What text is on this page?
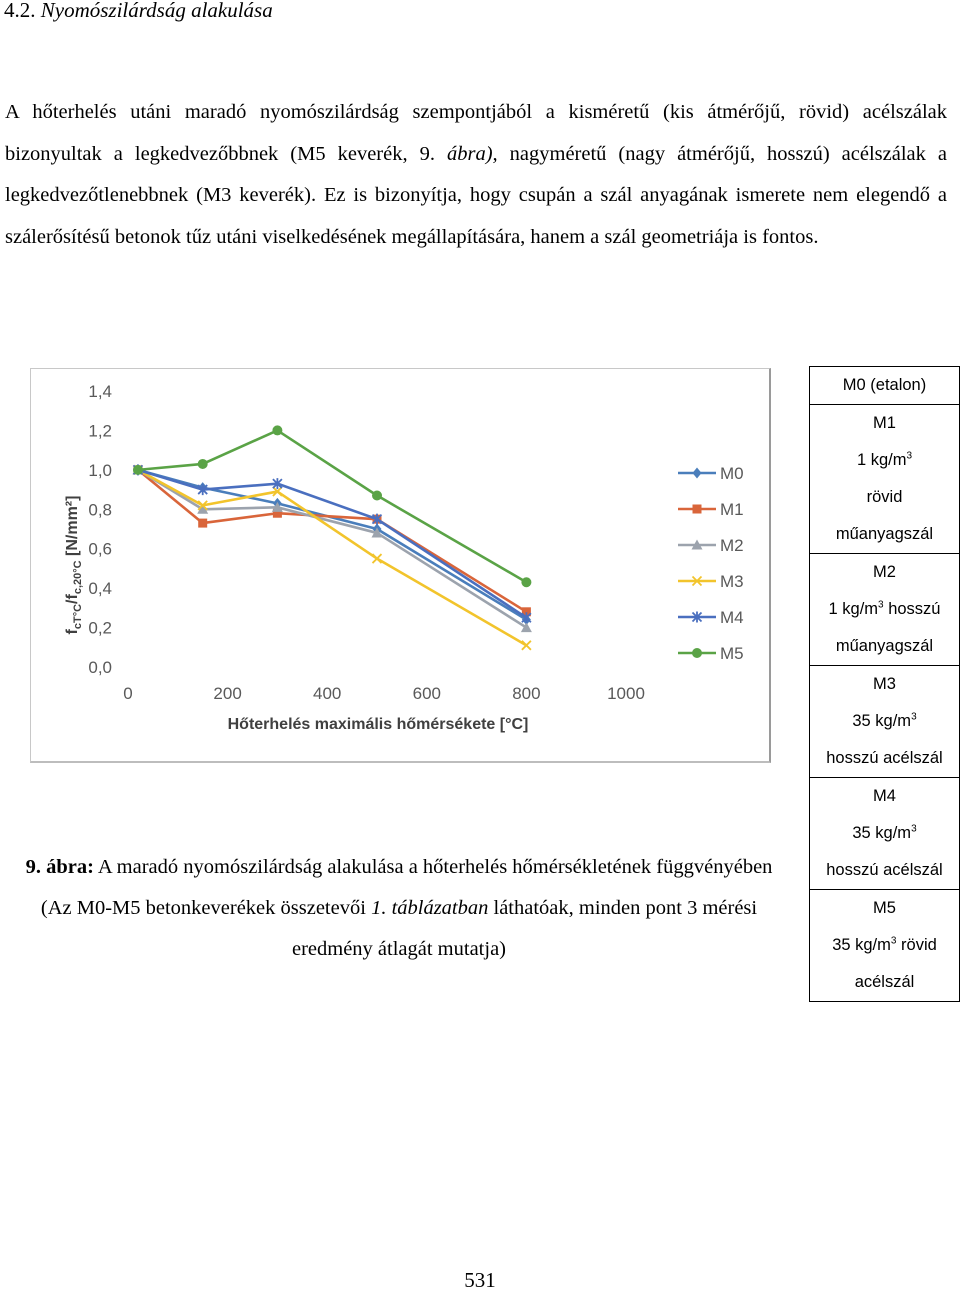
4.2. Nyomószilárdság alakulása

A hőterhelés utáni maradó nyomószilárdság szempontjából a kisméretű (kis átmérőjű, rövid) acélszálak bizonyultak a legkedvezőbbnek (M5 keverék, 9. ábra), nagyméretű (nagy átmérőjű, hosszú) acélszálak a legkedvezőtlenebbnek (M3 keverék). Ez is bizonyítja, hogy csupán a szál anyagának ismerete nem elegendő a szálerősítésű betonok tűz utáni viselkedésének megállapítására, hanem a szál geometriája is fontos.

0,0
0,2
0,4
0,6
0,8
1,0
1,2
1,4
0	200	400	600	800	1000
M0
M1
M2
M3
M4
M5
$f_{cT^\circ C}/f_{c,20^\circ C}$ [N/mm²]
Hőterhelés maximális hőmérsékete [°C]

9. ábra: A maradó nyomószilárdság alakulása a hőterhelés hőmérsékletének függvényében

(Az M0-M5 betonkeverékek összetevői 1. táblázatban láthatóak, minden pont 3 mérési eredmény átlagát mutatja)

M0 (etalon)

M1
1 $kg/m^3$
rövid
műanyagszál

M2
1 $kg/m^3$ hosszú
műanyagszál

M3
35 $kg/m^3$
hosszú acélszál

M4
35 $kg/m^3$
hosszú acélszál

M5
35 $kg/m^3$ rövid
acélszál
531
